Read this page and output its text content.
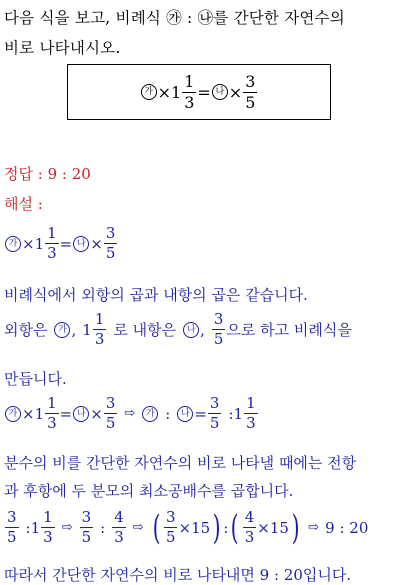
다음 식을 보고, 비례식 ㉮ : ㉯를 간단한 자연수의
비로 나타내시오.
가 × $1 \frac{1}{3}$ = 나 × $\frac{3}{5}$
정답 : 9 : 20
해설 :
가 × $1 \frac{1}{3}$ = 나 × $\frac{3}{5}$
비례식에서 외항의 곱과 내항의 곱은 같습니다.
외항은	가 , $1 \frac{1}{3}$ 로 내항은	나 , $\frac{3}{5}$ 으로 하고 비례식을
만듭니다.
가 × $1 \frac{1}{3}$ = 나 × $\frac{3}{5}$ ⇨	가 :	나 = $\frac{3}{5}$ : $1 \frac{1}{3}$
분수의 비를 간단한 자연수의 비로 나타낼 때에는 전항
과 후항에 두 분모의 최소공배수를 곱합니다.
$\frac{3}{5}$ : $1 \frac{1}{3}$ ⇨ $\frac{3}{5}$ : $\frac{4}{3}$ ⇨ ( $\frac{3}{5} \times 15$ ) : ( $\frac{4}{3} \times 15$ ) ⇨ 9 : 20
따라서 간단한 자연수의 비로 나타내면 9 : 20입니다.
